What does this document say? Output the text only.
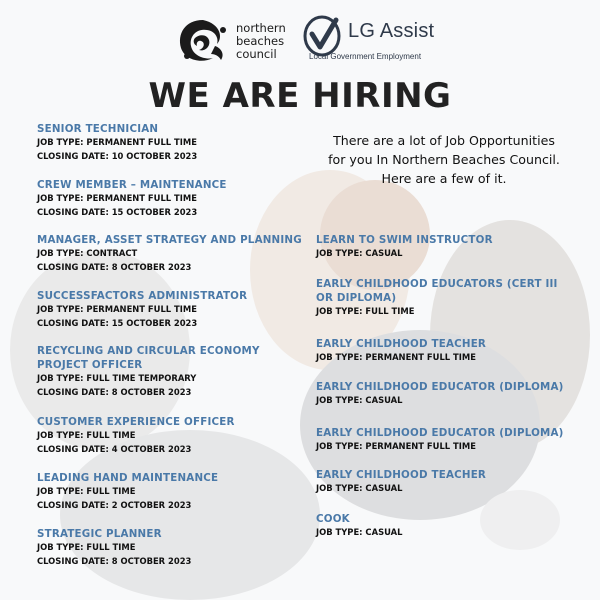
northern
beaches
council
LG Assist
Local Government Employment
WE ARE HIRING
There are a lot of Job Opportunities
for you In Northern Beaches Council.
Here are a few of it.
SENIOR TECHNICIAN
JOB TYPE: PERMANENT FULL TIME
CLOSING DATE: 10 OCTOBER 2023
CREW MEMBER – MAINTENANCE
JOB TYPE: PERMANENT FULL TIME
CLOSING DATE: 15 OCTOBER 2023
MANAGER, ASSET STRATEGY AND PLANNING
JOB TYPE: CONTRACT
CLOSING DATE: 8 OCTOBER 2023
SUCCESSFACTORS ADMINISTRATOR
JOB TYPE: PERMANENT FULL TIME
CLOSING DATE: 15 OCTOBER 2023
RECYCLING AND CIRCULAR ECONOMY
PROJECT OFFICER
JOB TYPE: FULL TIME TEMPORARY
CLOSING DATE: 8 OCTOBER 2023
CUSTOMER EXPERIENCE OFFICER
JOB TYPE: FULL TIME
CLOSING DATE: 4 OCTOBER 2023
LEADING HAND MAINTENANCE
JOB TYPE: FULL TIME
CLOSING DATE: 2 OCTOBER 2023
STRATEGIC PLANNER
JOB TYPE: FULL TIME
CLOSING DATE: 8 OCTOBER 2023
LEARN TO SWIM INSTRUCTOR
JOB TYPE: CASUAL
EARLY CHILDHOOD EDUCATORS (CERT III
OR DIPLOMA)
JOB TYPE: FULL TIME
EARLY CHILDHOOD TEACHER
JOB TYPE: PERMANENT FULL TIME
EARLY CHILDHOOD EDUCATOR (DIPLOMA)
JOB TYPE: CASUAL
EARLY CHILDHOOD EDUCATOR (DIPLOMA)
JOB TYPE: PERMANENT FULL TIME
EARLY CHILDHOOD TEACHER
JOB TYPE: CASUAL
COOK
JOB TYPE: CASUAL
